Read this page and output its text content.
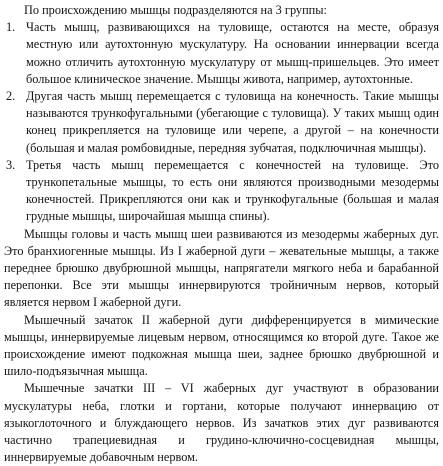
По происхождению мышцы подразделяются на 3 группы:

1. Часть мышц, развивающихся на туловище, остаются на месте, образуя местную или аутохтонную мускулатуру. На основании иннервации всегда можно отличить аутохтонную мускулатуру от мышц-пришельцев. Это имеет большое клиническое значение. Мышцы живота, например, аутохтонные.
2. Другая часть мышц перемещается с туловища на конечность. Такие мышцы называются трункофугальными (убегающие с туловища). У таких мышц один конец прикрепляется на туловище или черепе, а другой – на конечности (большая и малая ромбовидные, передняя зубчатая, подключичная мышцы).
3. Третья часть мышц перемещается с конечностей на туловище. Это трункопетальные мышцы, то есть они являются производными мезодермы конечностей. Прикрепляются они как и трункофугальные (большая и малая грудные мышцы, широчайшая мышца спины).

Мышцы головы и часть мышц шеи развиваются из мезодермы жаберных дуг. Это бранхиогенные мышцы. Из I жаберной дуги – жевательные мышцы, а также переднее брюшко двубрюшной мышцы, напрягатели мягкого неба и барабанной перепонки. Все эти мышцы иннервируются тройничным нервов, который является нервом I жаберной дуги.

Мышечный зачаток II жаберной дуги дифференцируется в мимические мышцы, иннервируемые лицевым нервом, относящимся ко второй дуге. Такое же происхождение имеют подкожная мышца шеи, заднее брюшко двубрюшной и шило-подъязычная мышца.

Мышечные зачатки III – VI жаберных дуг участвуют в образовании мускулатуры неба, глотки и гортани, которые получают иннервацию от языкоглоточного и блуждающего нервов. Из зачатков этих дуг развиваются частично трапециевидная и грудино-ключично-сосцевидная мышцы, иннервируемые добавочным нервом.
